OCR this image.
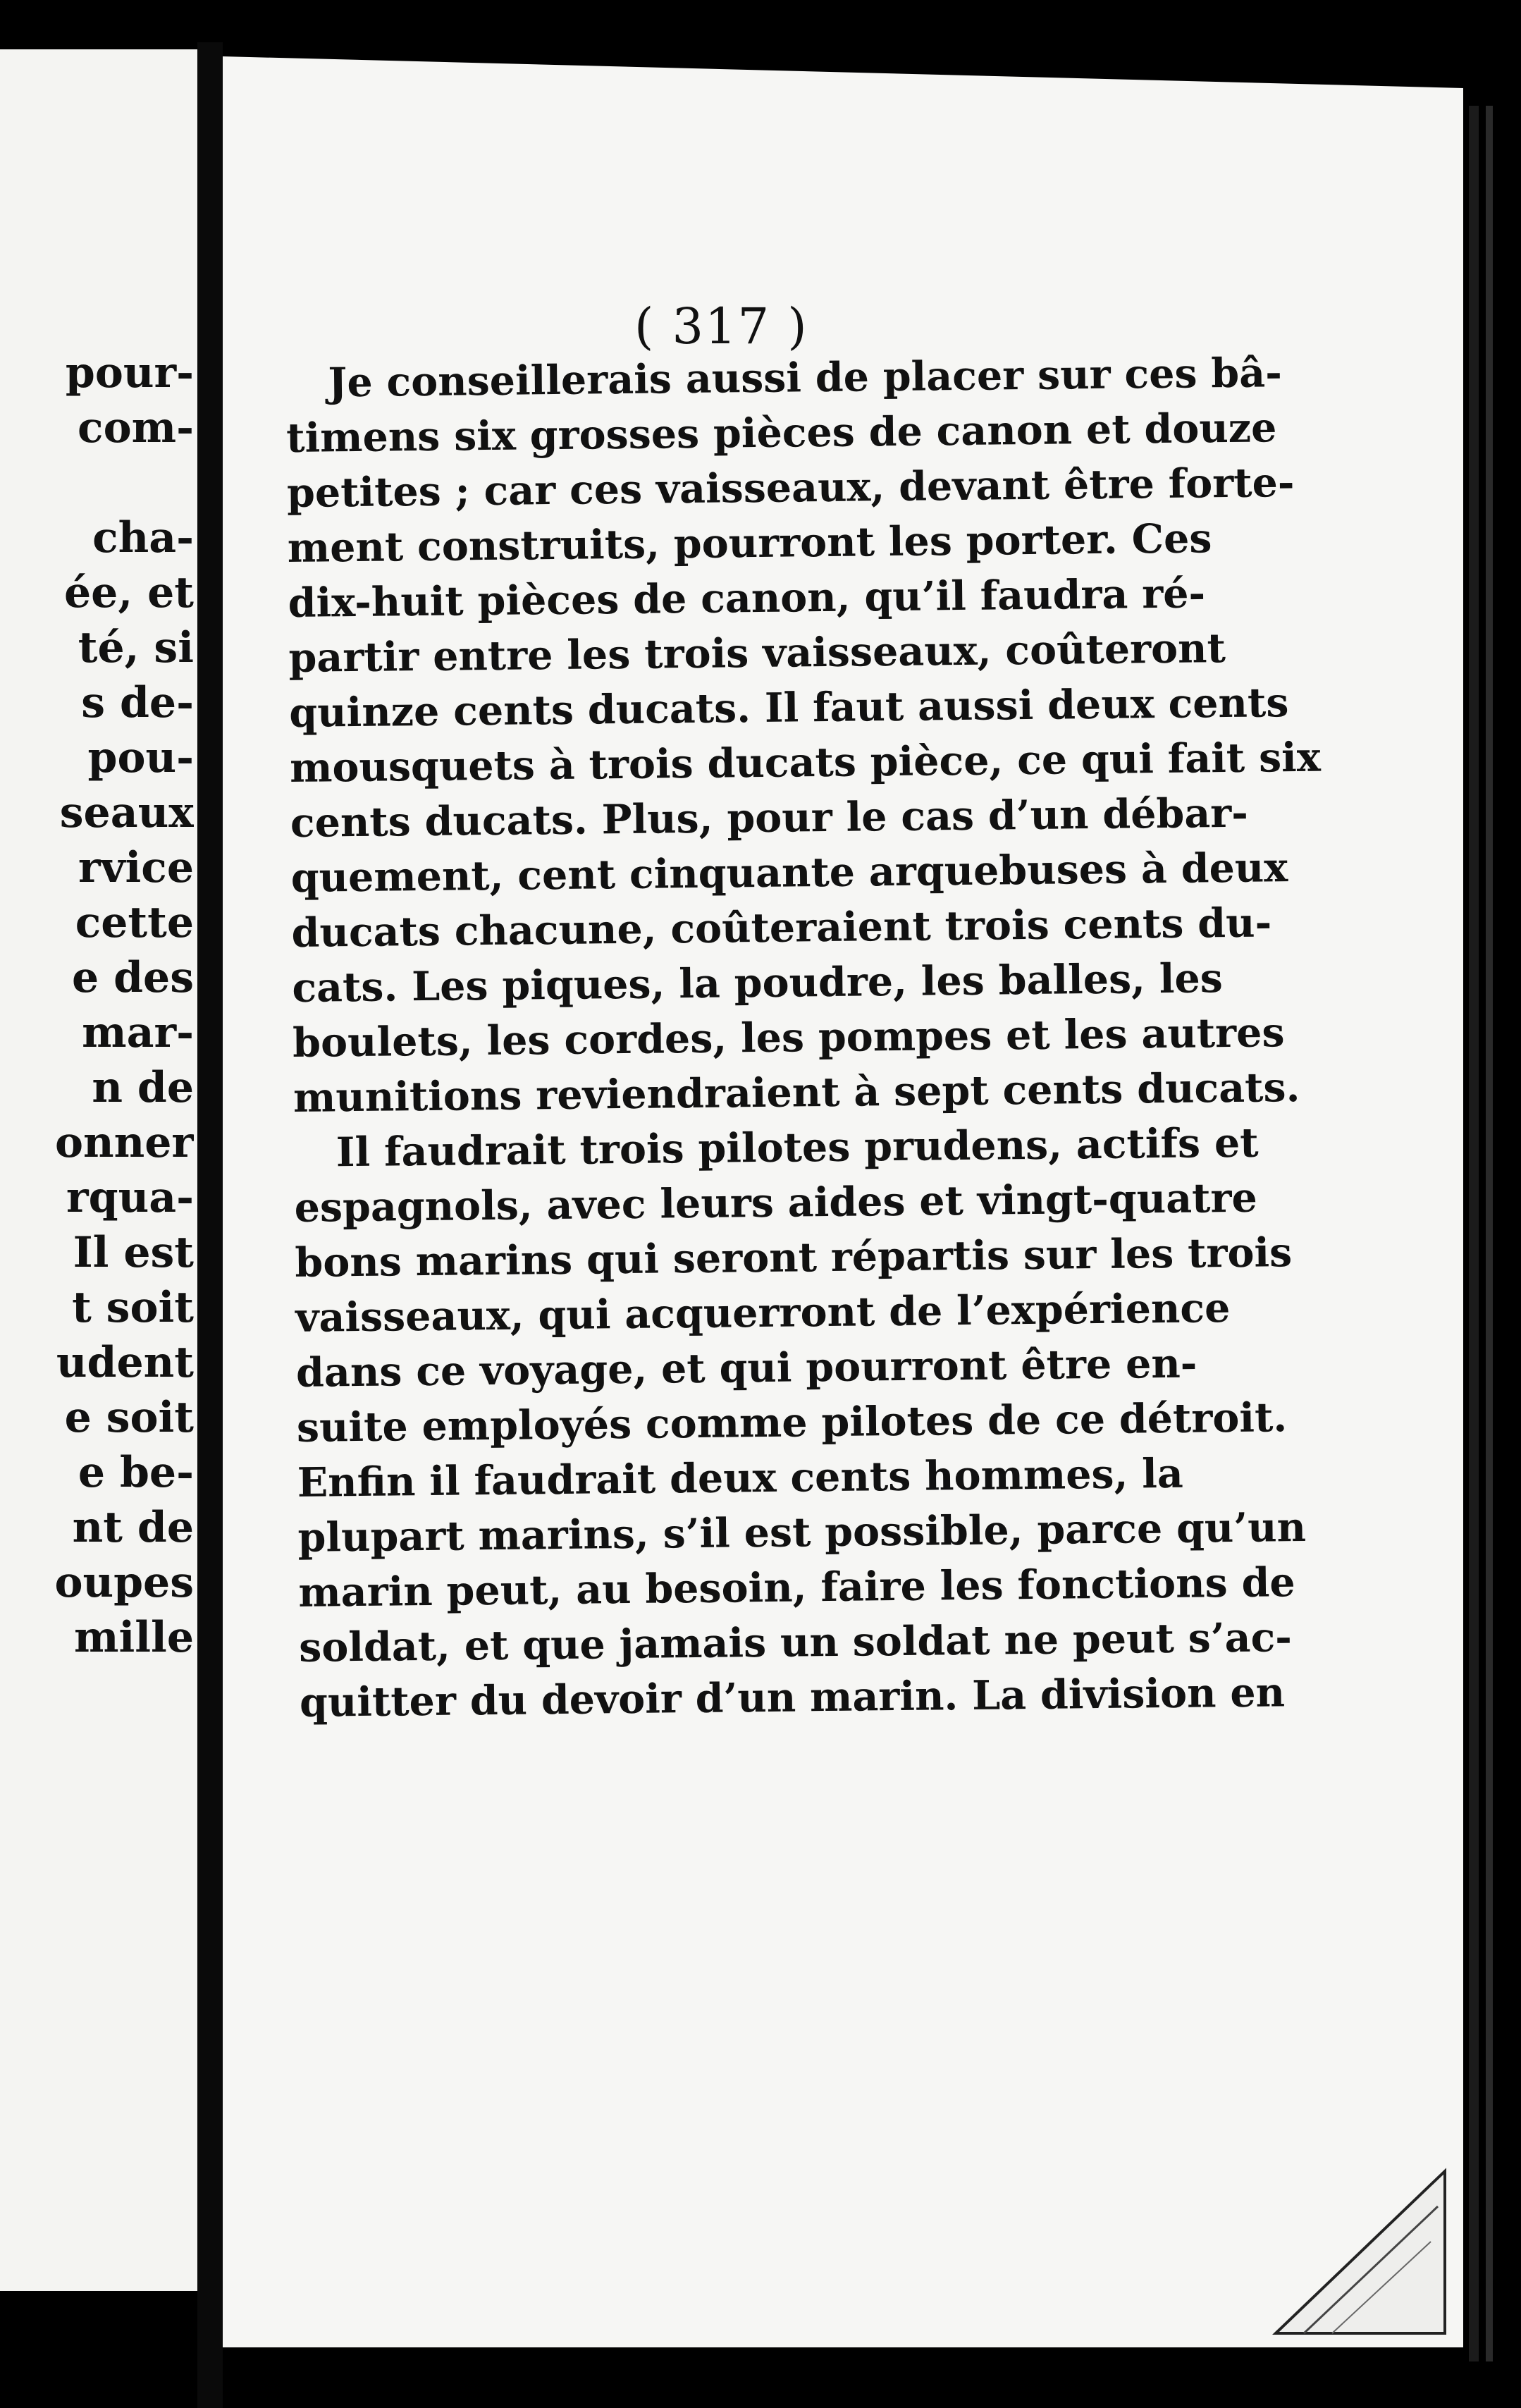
pour-
com-
cha-
ée, et
té, si
s de-
pou-
seaux
rvice
cette
e des
mar-
n de
onner
rqua-
Il est
t soit
udent
e soit
e be-
nt de
oupes
mille
( 317 )
Je conseillerais aussi de placer sur ces bâ-
timens six grosses pièces de canon et douze
petites ; car ces vaisseaux, devant être forte-
ment construits, pourront les porter. Ces
dix-huit pièces de canon, qu’il faudra ré-
partir entre les trois vaisseaux, coûteront
quinze cents ducats. Il faut aussi deux cents
mousquets à trois ducats pièce, ce qui fait six
cents ducats. Plus, pour le cas d’un débar-
quement, cent cinquante arquebuses à deux
ducats chacune, coûteraient trois cents du-
cats. Les piques, la poudre, les balles, les
boulets, les cordes, les pompes et les autres
munitions reviendraient à sept cents ducats.
Il faudrait trois pilotes prudens, actifs et
espagnols, avec leurs aides et vingt-quatre
bons marins qui seront répartis sur les trois
vaisseaux, qui acquerront de l’expérience
dans ce voyage, et qui pourront être en-
suite employés comme pilotes de ce détroit.
Enfin il faudrait deux cents hommes, la
plupart marins, s’il est possible, parce qu’un
marin peut, au besoin, faire les fonctions de
soldat, et que jamais un soldat ne peut s’ac-
quitter du devoir d’un marin. La division en
